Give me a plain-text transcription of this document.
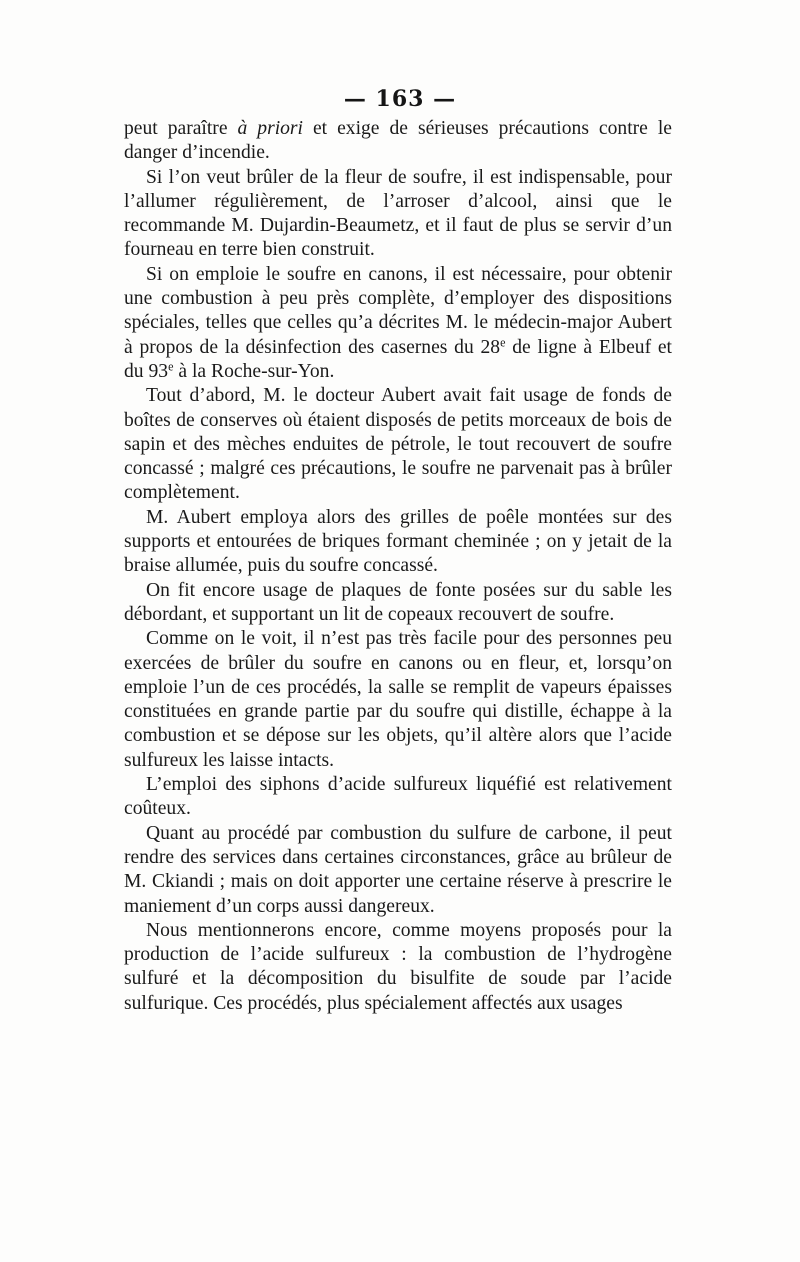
— 163 —

peut paraître à priori et exige de sérieuses précautions contre le danger d’incendie.

Si l’on veut brûler de la fleur de soufre, il est indispensable, pour l’allumer régulièrement, de l’arroser d’alcool, ainsi que le recommande M. Dujardin-Beaumetz, et il faut de plus se servir d’un fourneau en terre bien construit.

Si on emploie le soufre en canons, il est nécessaire, pour obtenir une combustion à peu près complète, d’employer des dispositions spéciales, telles que celles qu’a décrites M. le médecin-major Aubert à propos de la désinfection des casernes du 28e de ligne à Elbeuf et du 93e à la Roche-sur-Yon.

Tout d’abord, M. le docteur Aubert avait fait usage de fonds de boîtes de conserves où étaient disposés de petits morceaux de bois de sapin et des mèches enduites de pétrole, le tout recouvert de soufre concassé ; malgré ces précautions, le soufre ne parvenait pas à brûler complètement.

M. Aubert employa alors des grilles de poêle montées sur des supports et entourées de briques formant cheminée ; on y jetait de la braise allumée, puis du soufre concassé.

On fit encore usage de plaques de fonte posées sur du sable les débordant, et supportant un lit de copeaux recouvert de soufre.

Comme on le voit, il n’est pas très facile pour des personnes peu exercées de brûler du soufre en canons ou en fleur, et, lorsqu’on emploie l’un de ces procédés, la salle se remplit de vapeurs épaisses constituées en grande partie par du soufre qui distille, échappe à la combustion et se dépose sur les objets, qu’il altère alors que l’acide sulfureux les laisse intacts.

L’emploi des siphons d’acide sulfureux liquéfié est relativement coûteux.

Quant au procédé par combustion du sulfure de carbone, il peut rendre des services dans certaines circonstances, grâce au brûleur de M. Ckiandi ; mais on doit apporter une certaine réserve à prescrire le maniement d’un corps aussi dangereux.

Nous mentionnerons encore, comme moyens proposés pour la production de l’acide sulfureux : la combustion de l’hydrogène sulfuré et la décomposition du bisulfite de soude par l’acide sulfurique. Ces procédés, plus spécialement affectés aux usages
